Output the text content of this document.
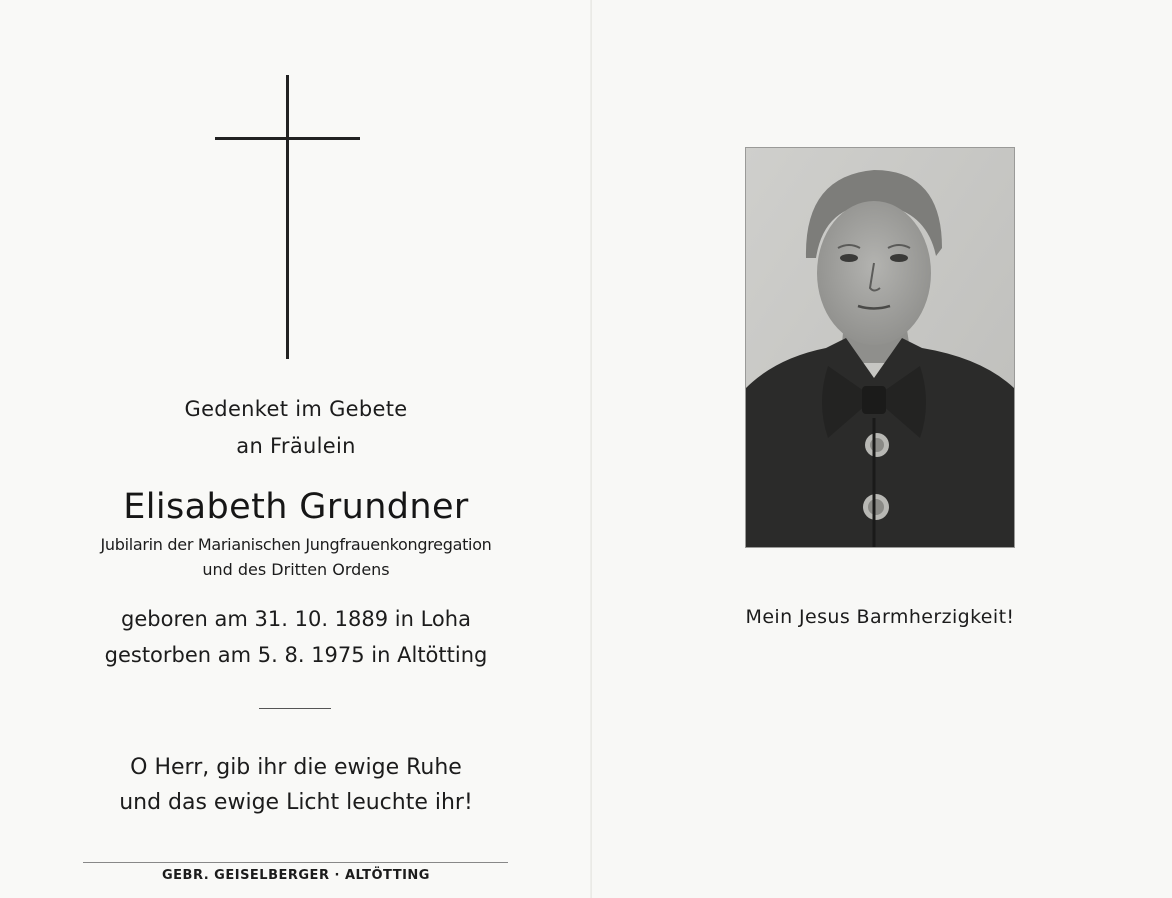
Gedenket im Gebete
an Fräulein
Elisabeth Grundner
Jubilarin der Marianischen Jungfrauenkongregation
und des Dritten Ordens
geboren am 31. 10. 1889 in Loha
gestorben am 5. 8. 1975 in Altötting
O Herr, gib ihr die ewige Ruhe
und das ewige Licht leuchte ihr!
GEBR. GEISELBERGER · ALTÖTTING
Mein Jesus Barmherzigkeit!
